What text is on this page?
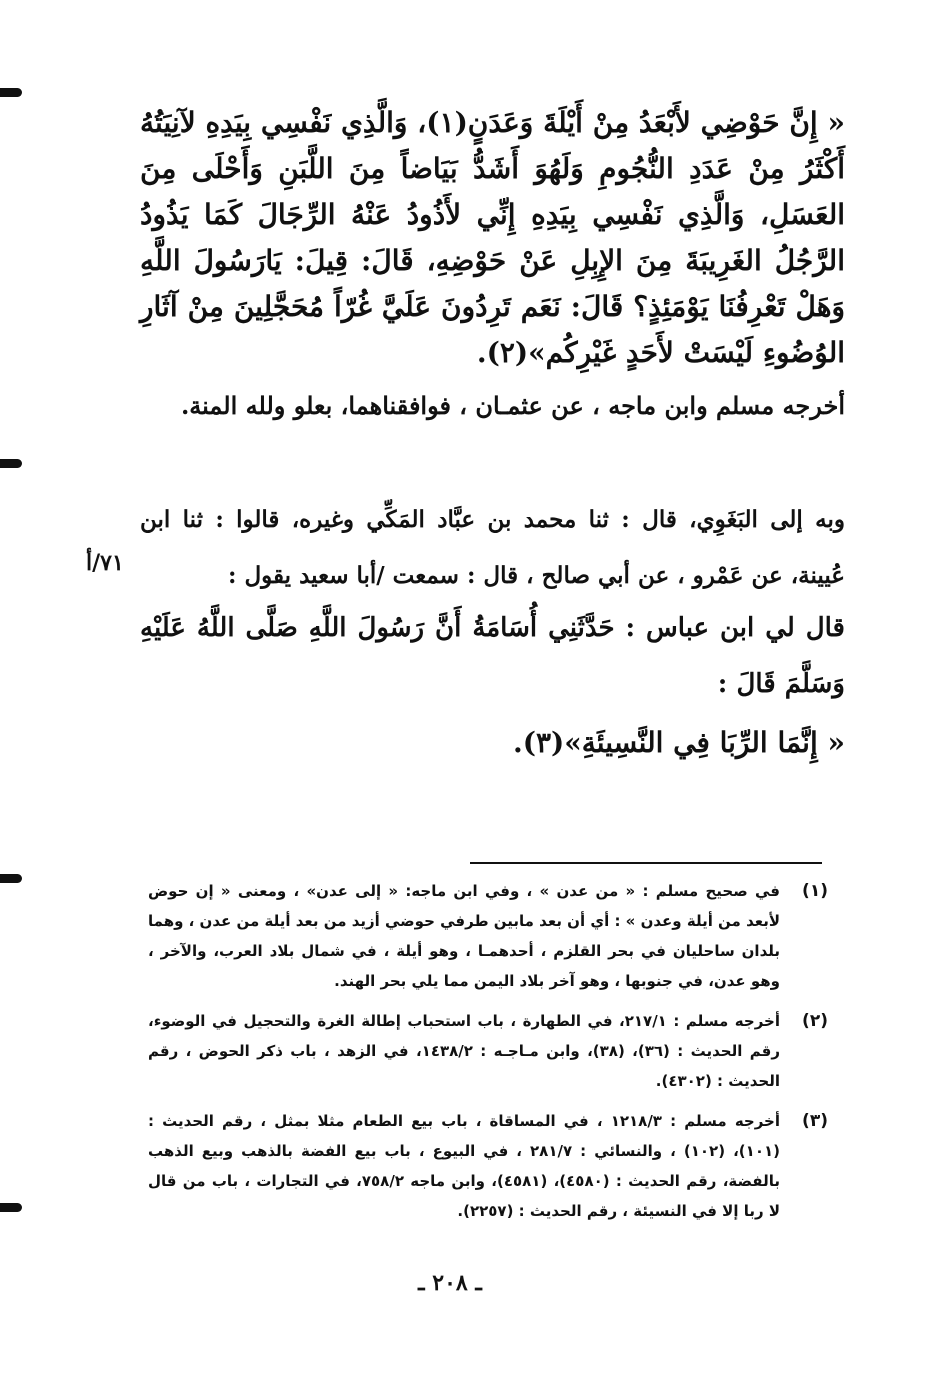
« إِنَّ حَوْضِي لأَبْعَدُ مِنْ أَيْلَةَ وَعَدَنٍ(١)، وَالَّذِي نَفْسِي بِيَدِهِ لآنِيَتُهُ أَكْثَرُ مِنْ عَدَدِ النُّجُومِ وَلَهُوَ أَشَدُّ بَيَاضاً مِنَ اللَّبَنِ وَأَحْلَى مِنَ العَسَلِ، وَالَّذِي نَفْسِي بِيَدِهِ إِنِّي لأَذُودُ عَنْهُ الرِّجَالَ كَمَا يَذُودُ الرَّجُلُ الغَرِيبَةَ مِنَ الإِبِلِ عَنْ حَوْضِهِ، قَالَ: قِيلَ: يَارَسُولَ اللَّهِ وَهَلْ تَعْرِفُنَا يَوْمَئِذٍ؟ قَالَ: نَعَم تَرِدُونَ عَلَيَّ غُرّاً مُحَجَّلِينَ مِنْ آثَارِ الوُضُوءِ لَيْسَتْ لأَحَدٍ غَيْرِكُم»(٢).

أخرجه مسلم وابن ماجه ، عن عثمـان ، فوافقناهما، بعلو ولله المنة.

وبه إلى البَغَوِي، قال : ثنا محمد بن عبَّاد المَكِّي وغيره، قالوا : ثنا ابن عُيينة، عن عَمْرو ، عن أبي صالح ، قال : سمعت /أبا سعيد يقول :

٧١/أ

قال لي ابن عباس : حَدَّثَنِي أُسَامَةُ أَنَّ رَسُولَ اللَّهِ صَلَّى اللَّهُ عَلَيْهِ وَسَلَّمَ قَالَ :

« إِنَّمَا الرِّبَا فِي النَّسِيئَةِ»(٣).

(١)
في صحيح مسلم : « من عدن » ، وفي ابن ماجه: « إلى عدن» ، ومعنى « إن حوض لأبعد من أيلة وعدن » : أي أن بعد مابين طرفي حوضي أزيد من بعد أيلة من عدن ، وهما بلدان ساحليان في بحر القلزم ، أحدهمـا ، وهو أيلة ، في شمال بلاد العرب، والآخر ، وهو عدن، في جنوبها ، وهو آخر بلاد اليمن مما يلي بحر الهند.
(٢)
أخرجه مسلم : ٢١٧/١، في الطهارة ، باب استحباب إطالة الغرة والتحجيل في الوضوء، رقم الحديث : (٣٦)، (٣٨)، وابن مـاجـه : ١٤٣٨/٢، في الزهد ، باب ذكر الحوض ، رقم الحديث : (٤٣٠٢).
(٣)
أخرجه مسلم : ١٢١٨/٣ ، في المساقاة ، باب بيع الطعام مثلا بمثل ، رقم الحديث : (١٠١)، (١٠٢) ، والنسائي : ٢٨١/٧ ، في البيوع ، باب بيع الفضة بالذهب وبيع الذهب بالفضة، رقم الحديث : (٤٥٨٠)، (٤٥٨١)، وابن ماجه ٧٥٨/٢، في التجارات ، باب من قال لا ربا إلا في النسيئة ، رقم الحديث : (٢٢٥٧).
ـ ٢٠٨ ـ
